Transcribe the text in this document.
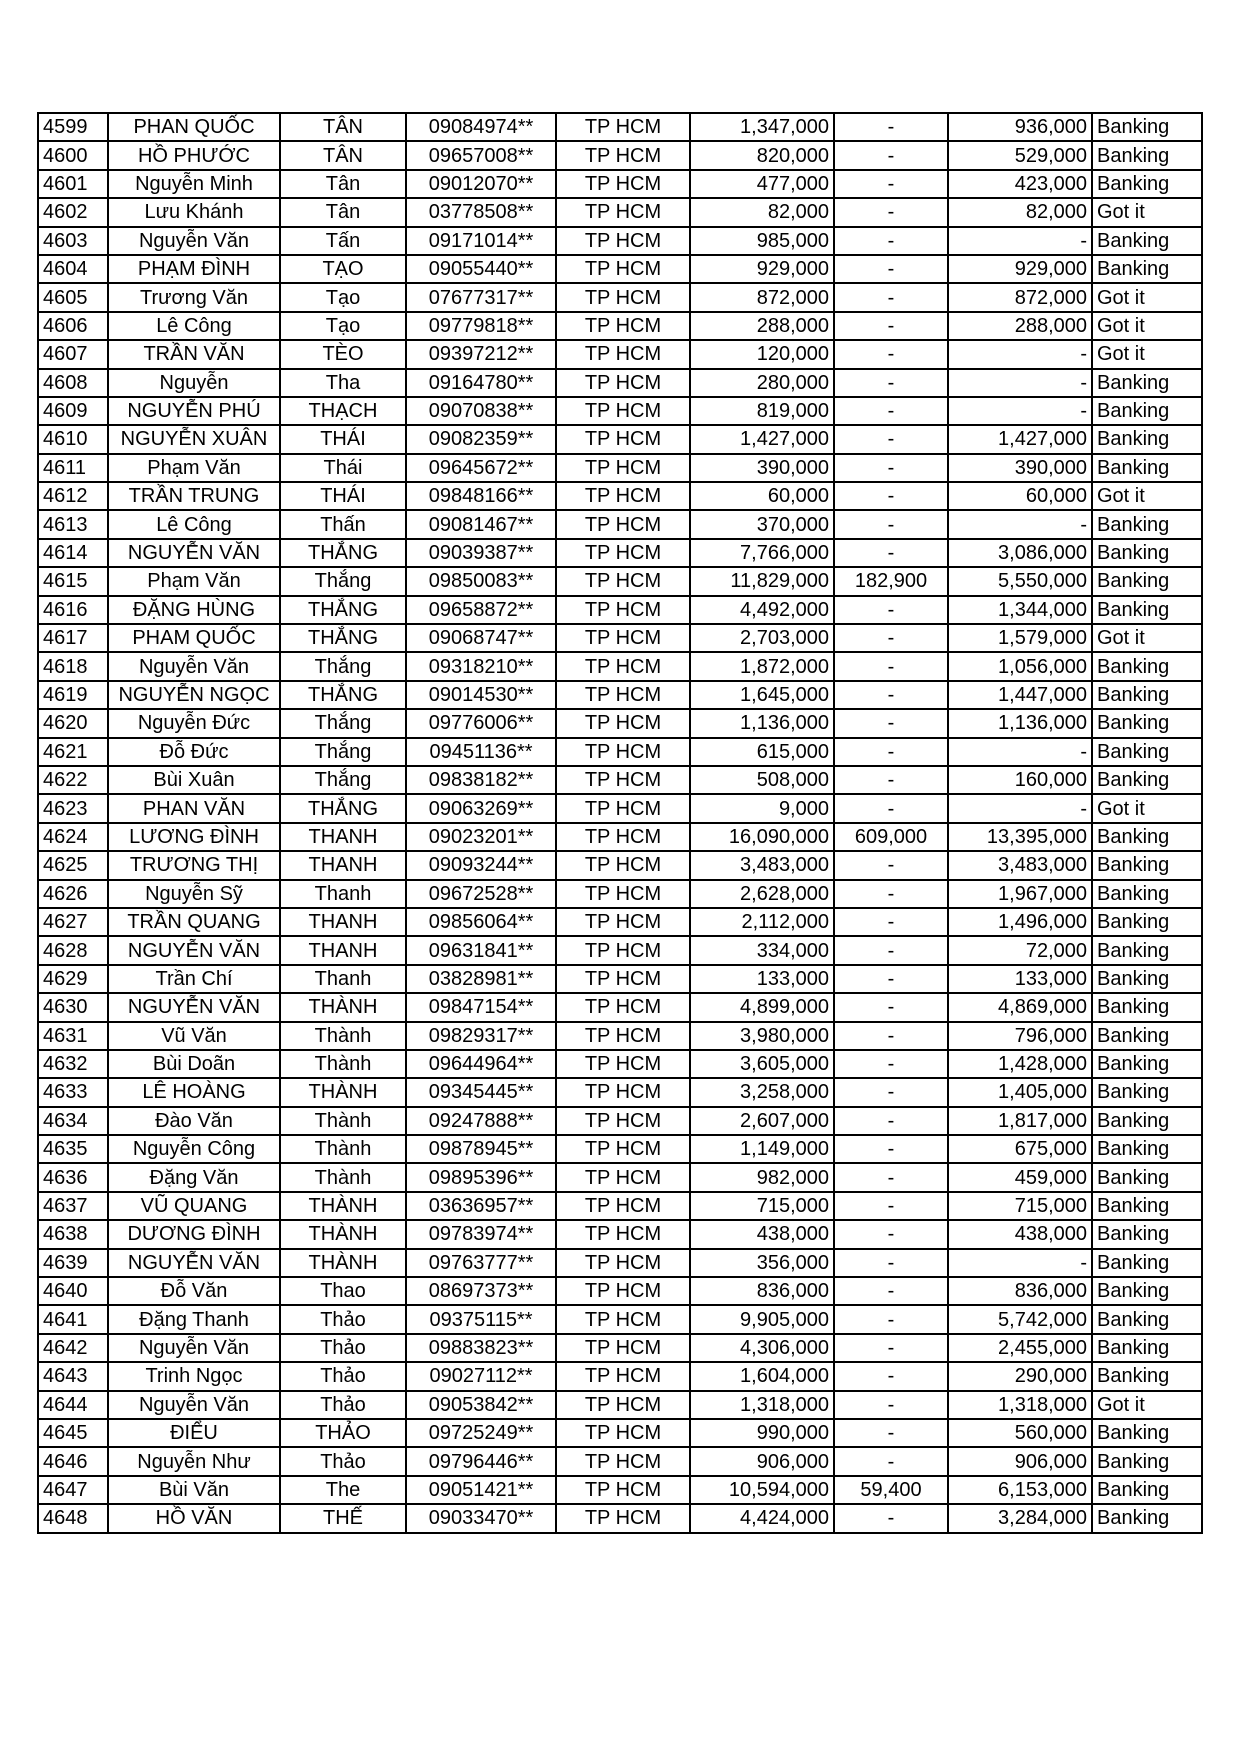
4599	PHAN QUỐC	TÂN	09084974**	TP HCM	1,347,000	-	936,000	Banking
4600	HỒ PHƯỚC	TÂN	09657008**	TP HCM	820,000	-	529,000	Banking
4601	Nguyễn Minh	Tân	09012070**	TP HCM	477,000	-	423,000	Banking
4602	Lưu Khánh	Tân	03778508**	TP HCM	82,000	-	82,000	Got it
4603	Nguyễn Văn	Tấn	09171014**	TP HCM	985,000	-	-	Banking
4604	PHẠM ĐÌNH	TẠO	09055440**	TP HCM	929,000	-	929,000	Banking
4605	Trương Văn	Tạo	07677317**	TP HCM	872,000	-	872,000	Got it
4606	Lê Công	Tạo	09779818**	TP HCM	288,000	-	288,000	Got it
4607	TRẦN VĂN	TÈO	09397212**	TP HCM	120,000	-	-	Got it
4608	Nguyễn	Tha	09164780**	TP HCM	280,000	-	-	Banking
4609	NGUYỄN PHÚ	THẠCH	09070838**	TP HCM	819,000	-	-	Banking
4610	NGUYỄN XUÂN	THÁI	09082359**	TP HCM	1,427,000	-	1,427,000	Banking
4611	Phạm Văn	Thái	09645672**	TP HCM	390,000	-	390,000	Banking
4612	TRẦN TRUNG	THÁI	09848166**	TP HCM	60,000	-	60,000	Got it
4613	Lê Công	Thấn	09081467**	TP HCM	370,000	-	-	Banking
4614	NGUYỄN VĂN	THẮNG	09039387**	TP HCM	7,766,000	-	3,086,000	Banking
4615	Phạm Văn	Thắng	09850083**	TP HCM	11,829,000	182,900	5,550,000	Banking
4616	ĐẶNG HÙNG	THẮNG	09658872**	TP HCM	4,492,000	-	1,344,000	Banking
4617	PHAM QUỐC	THẮNG	09068747**	TP HCM	2,703,000	-	1,579,000	Got it
4618	Nguyễn Văn	Thắng	09318210**	TP HCM	1,872,000	-	1,056,000	Banking
4619	NGUYỄN NGỌC	THẮNG	09014530**	TP HCM	1,645,000	-	1,447,000	Banking
4620	Nguyễn Đức	Thắng	09776006**	TP HCM	1,136,000	-	1,136,000	Banking
4621	Đỗ Đức	Thắng	09451136**	TP HCM	615,000	-	-	Banking
4622	Bùi Xuân	Thắng	09838182**	TP HCM	508,000	-	160,000	Banking
4623	PHAN VĂN	THẮNG	09063269**	TP HCM	9,000	-	-	Got it
4624	LƯƠNG ĐÌNH	THANH	09023201**	TP HCM	16,090,000	609,000	13,395,000	Banking
4625	TRƯƠNG THỊ	THANH	09093244**	TP HCM	3,483,000	-	3,483,000	Banking
4626	Nguyễn Sỹ	Thanh	09672528**	TP HCM	2,628,000	-	1,967,000	Banking
4627	TRẦN QUANG	THANH	09856064**	TP HCM	2,112,000	-	1,496,000	Banking
4628	NGUYỄN VĂN	THANH	09631841**	TP HCM	334,000	-	72,000	Banking
4629	Trần Chí	Thanh	03828981**	TP HCM	133,000	-	133,000	Banking
4630	NGUYỄN VĂN	THÀNH	09847154**	TP HCM	4,899,000	-	4,869,000	Banking
4631	Vũ Văn	Thành	09829317**	TP HCM	3,980,000	-	796,000	Banking
4632	Bùi Doãn	Thành	09644964**	TP HCM	3,605,000	-	1,428,000	Banking
4633	LÊ HOÀNG	THÀNH	09345445**	TP HCM	3,258,000	-	1,405,000	Banking
4634	Đào Văn	Thành	09247888**	TP HCM	2,607,000	-	1,817,000	Banking
4635	Nguyễn Công	Thành	09878945**	TP HCM	1,149,000	-	675,000	Banking
4636	Đặng Văn	Thành	09895396**	TP HCM	982,000	-	459,000	Banking
4637	VŨ QUANG	THÀNH	03636957**	TP HCM	715,000	-	715,000	Banking
4638	DƯƠNG ĐÌNH	THÀNH	09783974**	TP HCM	438,000	-	438,000	Banking
4639	NGUYỄN VĂN	THÀNH	09763777**	TP HCM	356,000	-	-	Banking
4640	Đỗ Văn	Thao	08697373**	TP HCM	836,000	-	836,000	Banking
4641	Đặng Thanh	Thảo	09375115**	TP HCM	9,905,000	-	5,742,000	Banking
4642	Nguyễn Văn	Thảo	09883823**	TP HCM	4,306,000	-	2,455,000	Banking
4643	Trinh Ngọc	Thảo	09027112**	TP HCM	1,604,000	-	290,000	Banking
4644	Nguyễn Văn	Thảo	09053842**	TP HCM	1,318,000	-	1,318,000	Got it
4645	ĐIỂU	THẢO	09725249**	TP HCM	990,000	-	560,000	Banking
4646	Nguyễn Như	Thảo	09796446**	TP HCM	906,000	-	906,000	Banking
4647	Bùi Văn	The	09051421**	TP HCM	10,594,000	59,400	6,153,000	Banking
4648	HỒ VĂN	THẾ	09033470**	TP HCM	4,424,000	-	3,284,000	Banking
